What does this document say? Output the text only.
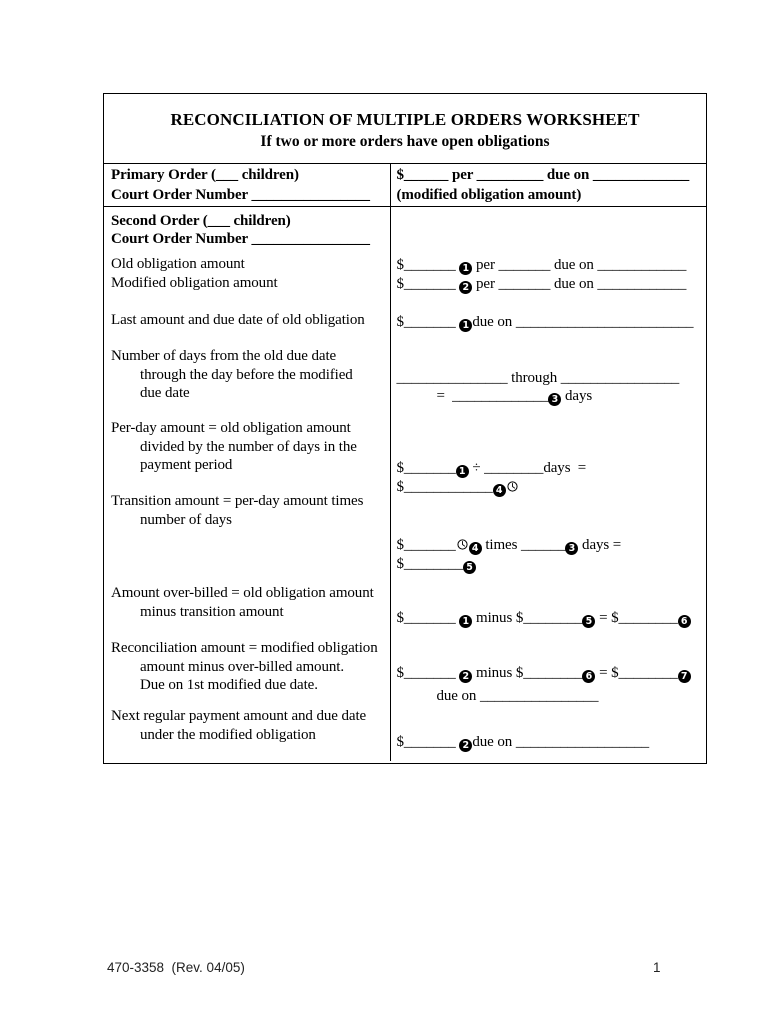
RECONCILIATION OF MULTIPLE ORDERS WORKSHEET
If two or more orders have open obligations
Primary Order (___ children)
Court Order Number ________________
$______ per _________ due on _____________
(modified obligation amount)

Second Order (___ children)
Court Order Number ________________

Old obligation amount
Modified obligation amount

Last amount and due date of old obligation

Number of days from the old due date
through the day before the modified
due date

Per-day amount = old obligation amount
divided by the number of days in the
payment period

Transition amount = per-day amount times
number of days

Amount over-billed = old obligation amount
minus transition amount

Reconciliation amount = modified obligation
amount minus over-billed amount.
Due on 1st modified due date.

Next regular payment amount and due date
under the modified obligation

$_______ 1 per _______ due on ____________
$_______ 2 per _______ due on ____________

$_______ 1 due on ________________________

_______________ through ________________
=  _____________ 3 days

$_______ 1 ÷ ________days  =
$____________ 4

$_______ 4 times ______ 3 days =
$________ 5

$_______ 1 minus $________ 5 = $________ 6

$_______ 2 minus $________ 6 = $________ 7
due on ________________

$_______ 2 due on __________________

470-3358  (Rev. 04/05)	1
